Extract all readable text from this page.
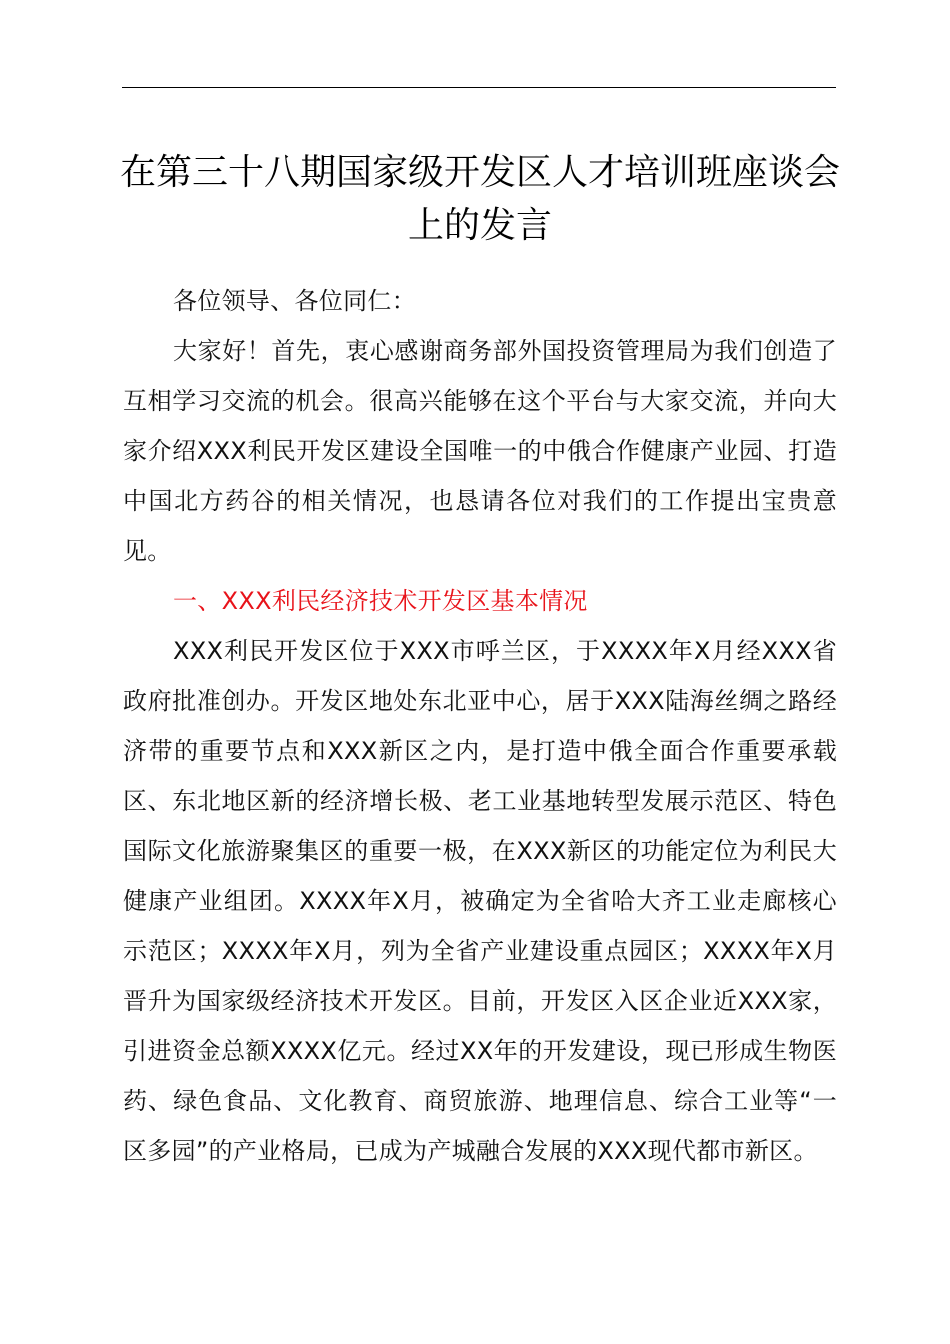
在第三十八期国家级开发区人才培训班座谈会上的发言

各位领导、各位同仁：

大家好！首先，衷心感谢商务部外国投资管理局为我们创造了互相学习交流的机会。很高兴能够在这个平台与大家交流，并向大家介绍XXX利民开发区建设全国唯一的中俄合作健康产业园、打造中国北方药谷的相关情况，也恳请各位对我们的工作提出宝贵意见。

一、XXX利民经济技术开发区基本情况

XXX利民开发区位于XXX市呼兰区，于XXXX年X月经XXX省政府批准创办。开发区地处东北亚中心，居于XXX陆海丝绸之路经济带的重要节点和XXX新区之内，是打造中俄全面合作重要承载区、东北地区新的经济增长极、老工业基地转型发展示范区、特色国际文化旅游聚集区的重要一极，在XXX新区的功能定位为利民大健康产业组团。XXXX年X月，被确定为全省哈大齐工业走廊核心示范区；XXXX年X月，列为全省产业建设重点园区；XXXX年X月晋升为国家级经济技术开发区。目前，开发区入区企业近XXX家，引进资金总额XXXX亿元。经过XX年的开发建设，现已形成生物医药、绿色食品、文化教育、商贸旅游、地理信息、综合工业等“一区多园”的产业格局，已成为产城融合发展的XXX现代都市新区。
